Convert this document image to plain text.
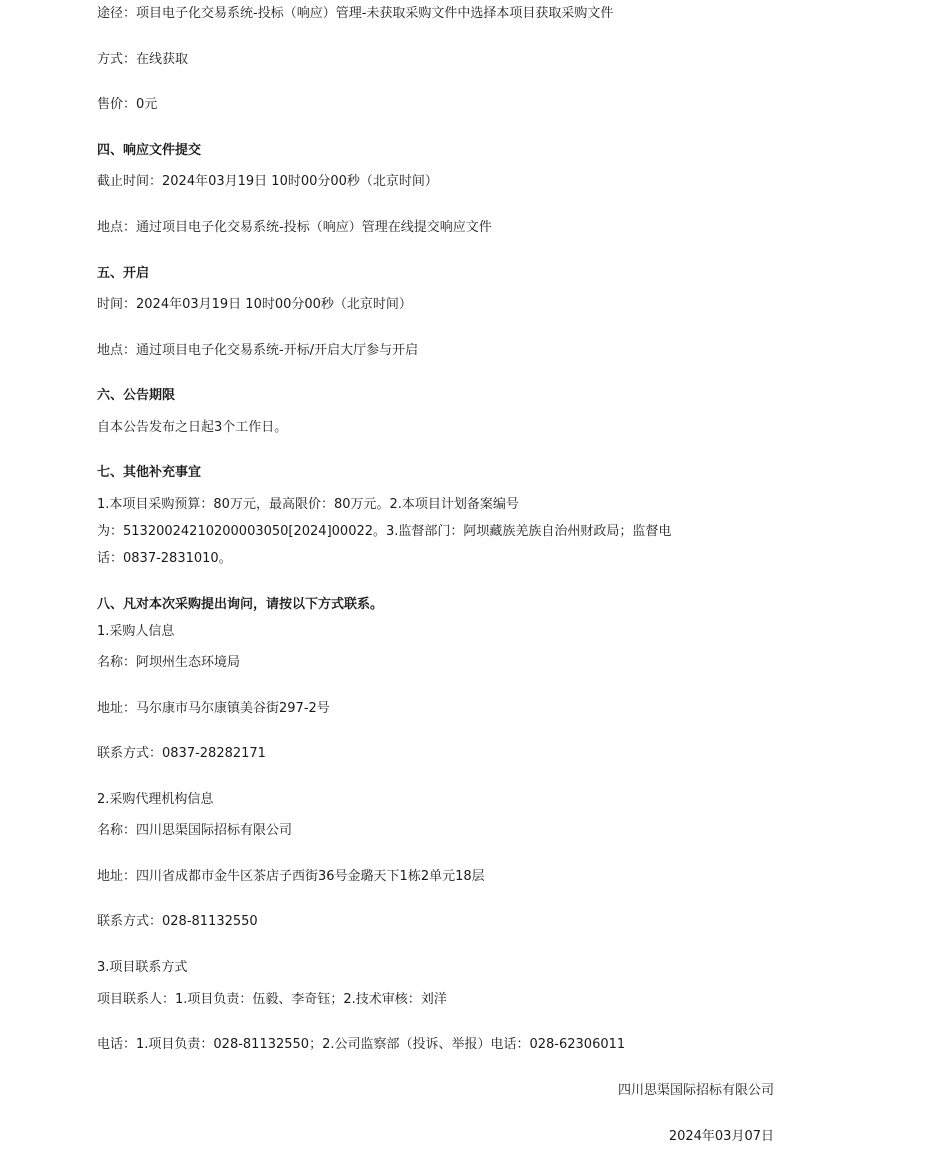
途径：项目电子化交易系统-投标（响应）管理-未获取采购文件中选择本项目获取采购文件

方式：在线获取

售价：0元

四、响应文件提交

截止时间：2024年03月19日 10时00分00秒（北京时间）

地点：通过项目电子化交易系统-投标（响应）管理在线提交响应文件

五、开启

时间：2024年03月19日 10时00分00秒（北京时间）

地点：通过项目电子化交易系统-开标/开启大厅参与开启

六、公告期限

自本公告发布之日起3个工作日。

七、其他补充事宜

1.本项目采购预算：80万元，最高限价：80万元。2.本项目计划备案编号

为：51320024210200003050[2024]00022。3.监督部门：阿坝藏族羌族自治州财政局；监督电

话：0837-2831010。

八、凡对本次采购提出询问，请按以下方式联系。

1.采购人信息

名称：阿坝州生态环境局

地址：马尔康市马尔康镇美谷街297-2号

联系方式：0837-28282171

2.采购代理机构信息

名称：四川思渠国际招标有限公司

地址：四川省成都市金牛区茶店子西街36号金璐天下1栋2单元18层

联系方式：028-81132550

3.项目联系方式

项目联系人：1.项目负责：伍毅、李奇钰；2.技术审核：刘洋

电话：1.项目负责：028-81132550；2.公司监察部（投诉、举报）电话：028-62306011

四川思渠国际招标有限公司

2024年03月07日
